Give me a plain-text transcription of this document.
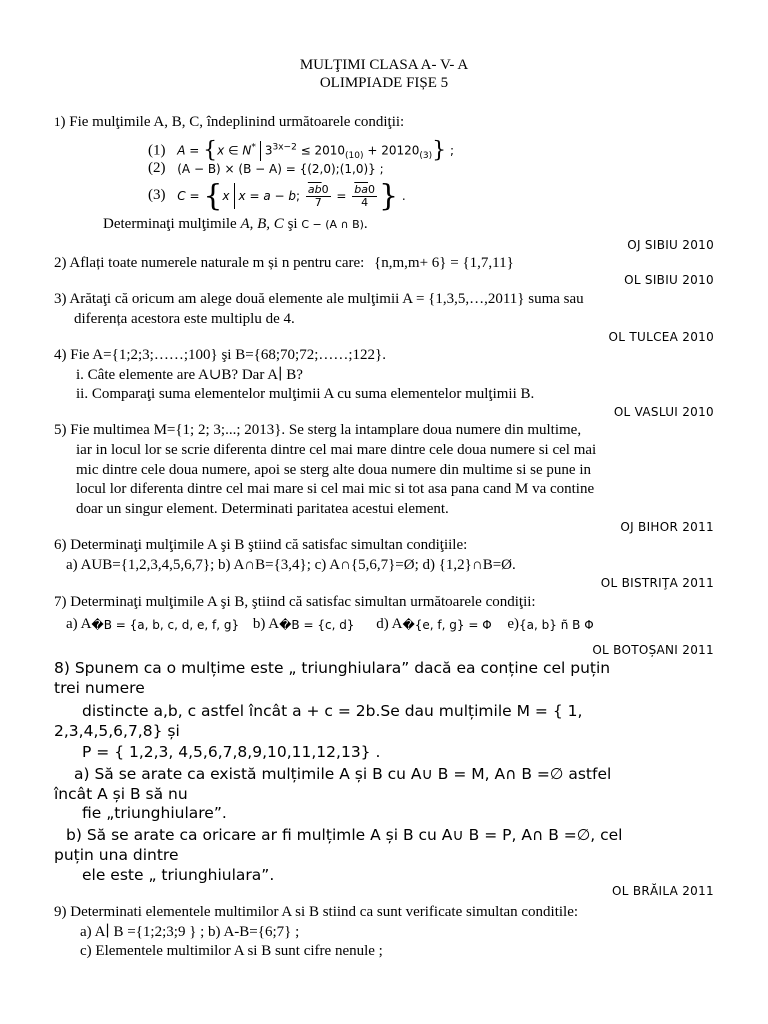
MULŢIMI CLASA A- V- A
OLIMPIADE FIȘE 5
1) Fie mulţimile A, B, C, îndeplinind următoarele condiţii:
(1) A = {x ∈ N* $3^{3x-2} \le 2010_{(10)} + 20120_{(3)}$} ;
(2) (A − B) × (B − A) = {(2,0);(1,0)} ;
(3) C = {x x = a − b; $\frac{\overline{ab}0}{7} = \frac{\overline{ba}0}{4}$ } .
Determinaţi mulţimile A, B, C şi C − (A ∩ B).
OJ SIBIU 2010
2) Aflați toate numerele naturale m și n pentru care: {n,m,m+ 6} = {1,7,11}
OL SIBIU 2010
3) Arătaţi că oricum am alege două elemente ale mulţimii A = {1,3,5,…,2011} suma sau
diferența acestora este multiplu de 4.
OL TULCEA 2010
4) Fie A={1;2;3;……;100} şi B={68;70;72;……;122}.
i. Câte elemente are A∪B? Dar A∣ B?
ii. Comparaţi suma elementelor mulţimii A cu suma elementelor mulţimii B.
OL VASLUI 2010
5) Fie multimea M={1; 2; 3;...; 2013}. Se sterg la intamplare doua numere din multime,
iar in locul lor se scrie diferenta dintre cel mai mare dintre cele doua numere si cel mai
mic dintre cele doua numere, apoi se sterg alte doua numere din multime si se pune in
locul lor diferenta dintre cel mai mare si cel mai mic si tot asa pana cand M va contine
doar un singur element. Determinati paritatea acestui element.
OJ BIHOR 2011
6) Determinaţi mulţimile A şi B ştiind că satisfac simultan condiţiile:
a) AUB={1,2,3,4,5,6,7}; b) A∩B={3,4}; c) A∩{5,6,7}=Ø; d) {1,2}∩B=Ø.
OL BISTRIŢA 2011
7) Determinaţi mulţimile A şi B, ştiind că satisfac simultan următoarele condiţii:
a) A�B = {a, b, c, d, e, f, g} b) A�B = {c, d} d) A�{e, f, g} = Φ e){a, b} ñ B Φ
OL BOTOȘANI 2011
8) Spunem ca o mulțime este „ triunghiulara” dacă ea conține cel puțin
trei numere
distincte a,b, c astfel încât a + c = 2b.Se dau mulțimile M = { 1,
2,3,4,5,6,7,8} și
P = { 1,2,3, 4,5,6,7,8,9,10,11,12,13} .
a) Să se arate ca există mulțimile A și B cu A∪ B = M, A∩ B =∅ astfel
încât A și B să nu
fie „triunghiulare”.
b) Să se arate ca oricare ar fi mulțimle A și B cu A∪ B = P, A∩ B =∅, cel
puțin una dintre
ele este „ triunghiulara”.
OL BRĂILA 2011
9) Determinati elementele multimilor A si B stiind ca sunt verificate simultan conditile:
a) A∣ B ={1;2;3;9 } ; b) A-B={6;7} ;
c) Elementele multimilor A si B sunt cifre nenule ;
